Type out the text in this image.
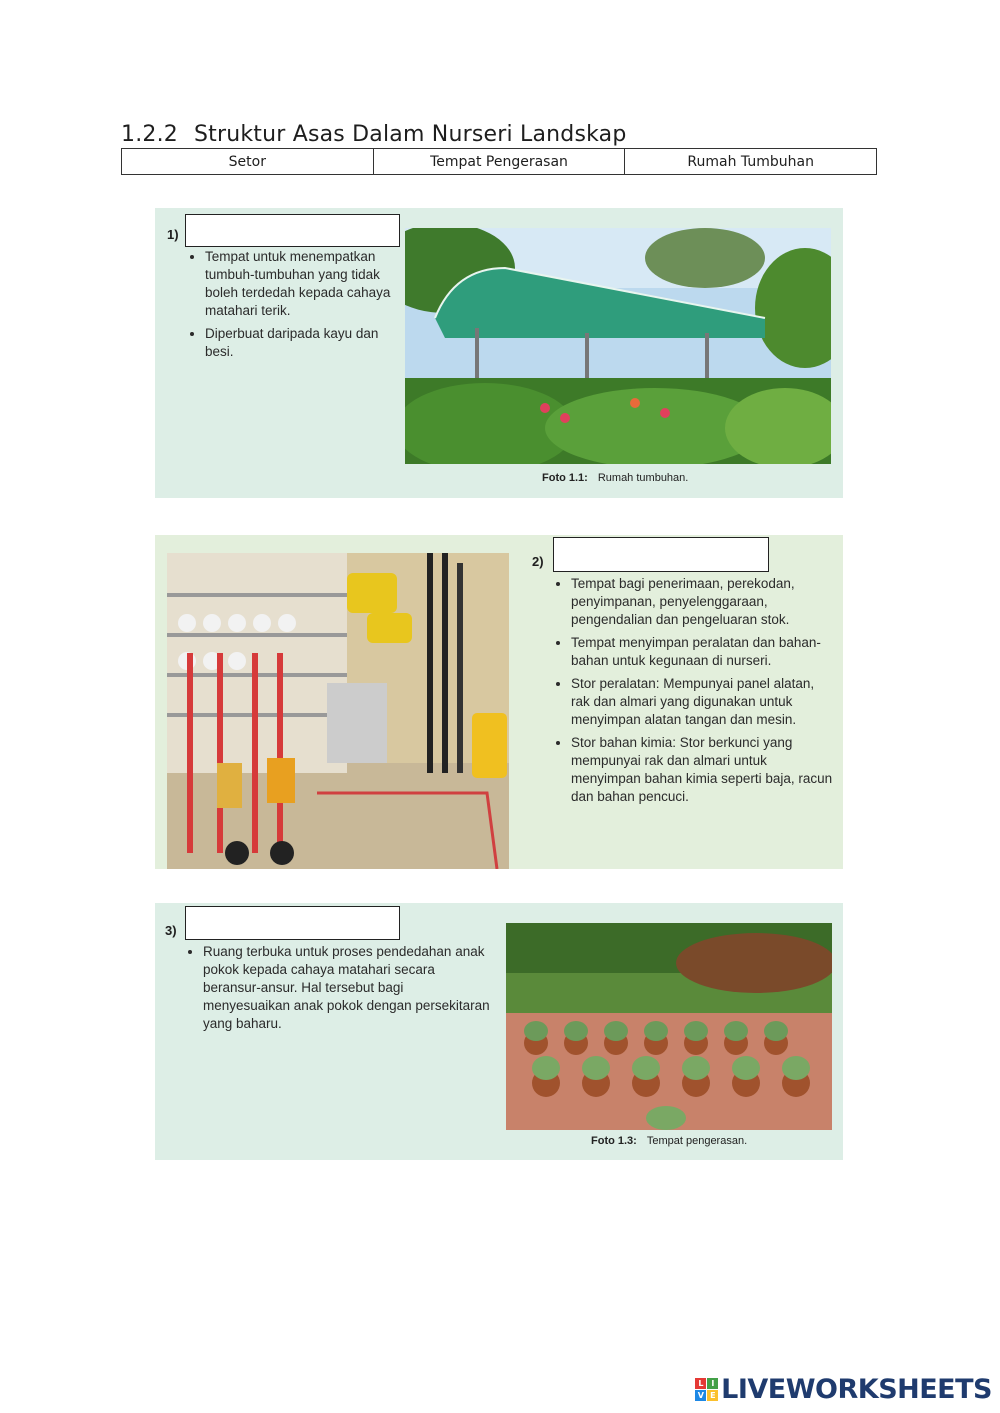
1.2.2 Struktur Asas Dalam Nurseri Landskap
Setor	Tempat Pengerasan	Rumah Tumbuhan
1)
• Tempat untuk menempatkan tumbuh-tumbuhan yang tidak boleh terdedah kepada cahaya matahari terik.
• Diperbuat daripada kayu dan besi.
Foto 1.1: Rumah tumbuhan.
2)
• Tempat bagi penerimaan, perekodan, penyimpanan, penyelenggaraan, pengendalian dan pengeluaran stok.
• Tempat menyimpan peralatan dan bahan-bahan untuk kegunaan di nurseri.
• Stor peralatan: Mempunyai panel alatan, rak dan almari yang digunakan untuk menyimpan alatan tangan dan mesin.
• Stor bahan kimia: Stor berkunci yang mempunyai rak dan almari untuk menyimpan bahan kimia seperti baja, racun dan bahan pencuci.
3)
• Ruang terbuka untuk proses pendedahan anak pokok kepada cahaya matahari secara beransur-ansur. Hal tersebut bagi menyesuaikan anak pokok dengan persekitaran yang baharu.
Foto 1.3: Tempat pengerasan.
L	I
V E LIVEWORKSHEETS
